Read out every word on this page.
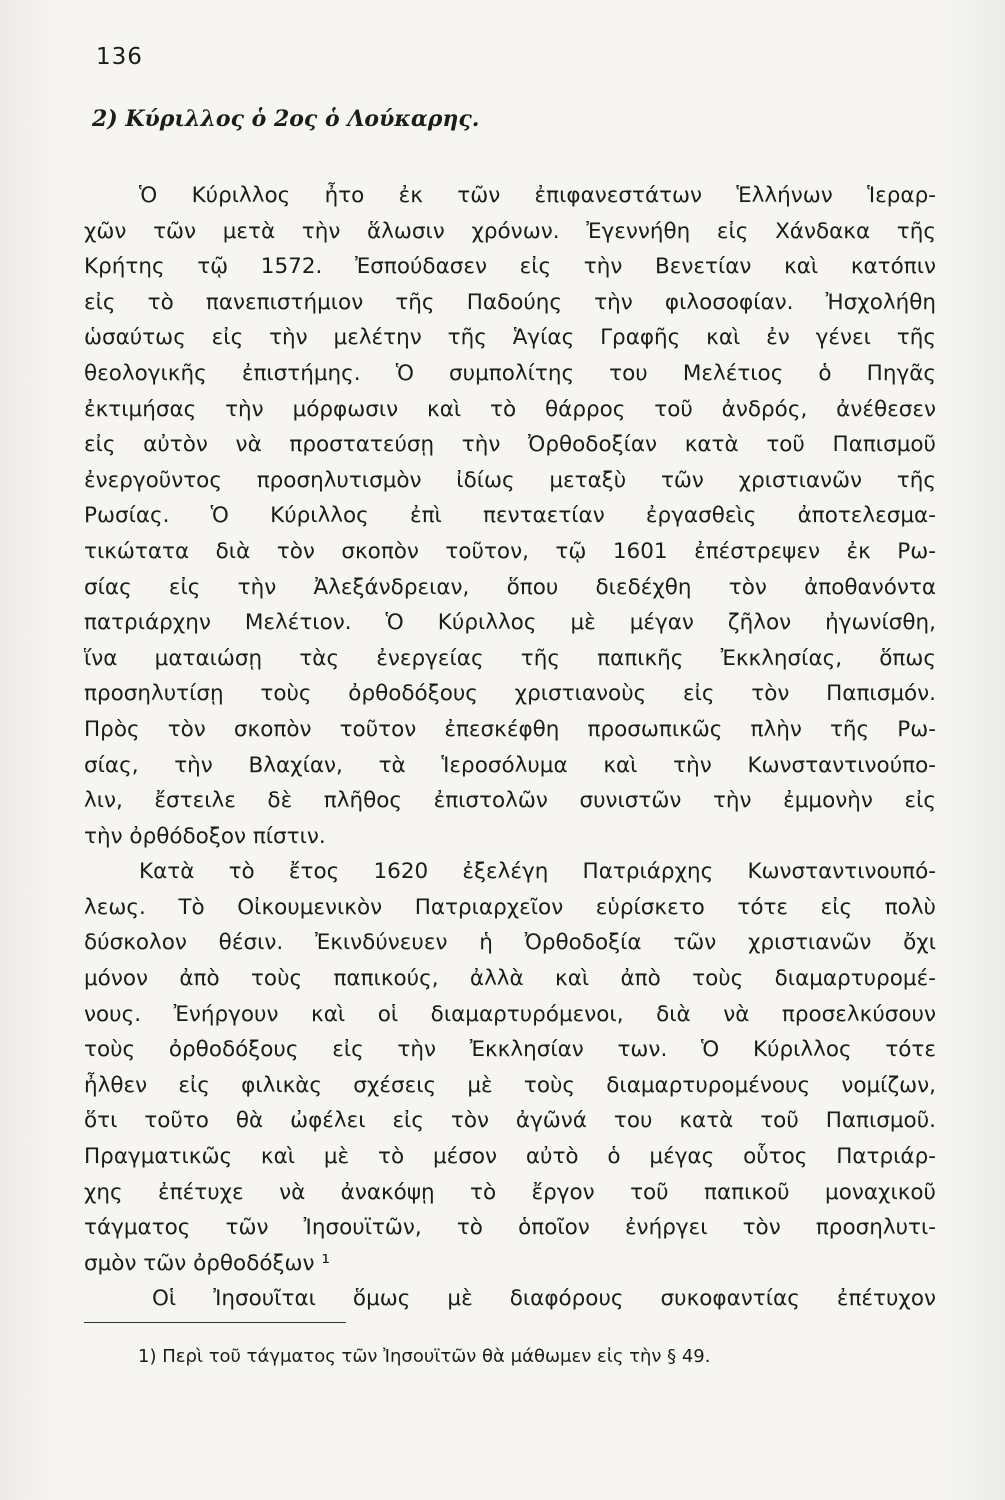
136
2) Κύριλλος ὁ 2ος ὁ Λούκαρης.
Ὁ Κύριλλος ἦτο ἐκ τῶν ἐπιφανεστάτων Ἑλλήνων Ἱεραρ-
χῶν τῶν μετὰ τὴν ἅλωσιν χρόνων. Ἐγεννήθη εἰς Χάνδακα τῆς
Κρήτης τῷ 1572. Ἐσπούδασεν εἰς τὴν Βενετίαν καὶ κατόπιν
εἰς τὸ πανεπιστήμιον τῆς Παδούης τὴν φιλοσοφίαν. Ἠσχολήθη
ὡσαύτως εἰς τὴν μελέτην τῆς Ἁγίας Γραφῆς καὶ ἐν γένει τῆς
θεολογικῆς ἐπιστήμης. Ὁ συμπολίτης του Μελέτιος ὁ Πηγᾶς
ἐκτιμήσας τὴν μόρφωσιν καὶ τὸ θάρρος τοῦ ἀνδρός, ἀνέθεσεν
εἰς αὐτὸν νὰ προστατεύσῃ τὴν Ὀρθοδοξίαν κατὰ τοῦ Παπισμοῦ
ἐνεργοῦντος προσηλυτισμὸν ἰδίως μεταξὺ τῶν χριστιανῶν τῆς
Ρωσίας. Ὁ Κύριλλος ἐπὶ πενταετίαν ἐργασθεὶς ἀποτελεσμα-
τικώτατα διὰ τὸν σκοπὸν τοῦτον, τῷ 1601 ἐπέστρεψεν ἐκ Ρω-
σίας εἰς τὴν Ἀλεξάνδρειαν, ὅπου διεδέχθη τὸν ἀποθανόντα
πατριάρχην Μελέτιον. Ὁ Κύριλλος μὲ μέγαν ζῆλον ἠγωνίσθη,
ἵνα ματαιώσῃ τὰς ἐνεργείας τῆς παπικῆς Ἐκκλησίας, ὅπως
προσηλυτίσῃ τοὺς ὀρθοδόξους χριστιανοὺς εἰς τὸν Παπισμόν.
Πρὸς τὸν σκοπὸν τοῦτον ἐπεσκέφθη προσωπικῶς πλὴν τῆς Ρω-
σίας, τὴν Βλαχίαν, τὰ Ἱεροσόλυμα καὶ τὴν Κωνσταντινούπο-
λιν, ἔστειλε δὲ πλῆθος ἐπιστολῶν συνιστῶν τὴν ἐμμονὴν εἰς
τὴν ὀρθόδοξον πίστιν.
Κατὰ τὸ ἔτος 1620 ἐξελέγη Πατριάρχης Κωνσταντινουπό-
λεως. Τὸ Οἰκουμενικὸν Πατριαρχεῖον εὑρίσκετο τότε εἰς πολὺ
δύσκολον θέσιν. Ἐκινδύνευεν ἡ Ὀρθοδοξία τῶν χριστιανῶν ὄχι
μόνον ἀπὸ τοὺς παπικούς, ἀλλὰ καὶ ἀπὸ τοὺς διαμαρτυρομέ-
νους. Ἐνήργουν καὶ οἱ διαμαρτυρόμενοι, διὰ νὰ προσελκύσουν
τοὺς ὀρθοδόξους εἰς τὴν Ἐκκλησίαν των. Ὁ Κύριλλος τότε
ἦλθεν εἰς φιλικὰς σχέσεις μὲ τοὺς διαμαρτυρομένους νομίζων,
ὅτι τοῦτο θὰ ὠφέλει εἰς τὸν ἀγῶνά του κατὰ τοῦ Παπισμοῦ.
Πραγματικῶς καὶ μὲ τὸ μέσον αὐτὸ ὁ μέγας οὗτος Πατριάρ-
χης ἐπέτυχε νὰ ἀνακόψῃ τὸ ἔργον τοῦ παπικοῦ μοναχικοῦ
τάγματος τῶν Ἰησουϊτῶν, τὸ ὁποῖον ἐνήργει τὸν προσηλυτι-
σμὸν τῶν ὀρθοδόξων ¹
Οἱ Ἰησουῖται ὅμως μὲ διαφόρους συκοφαντίας ἐπέτυχον
1) Περὶ τοῦ τάγματος τῶν Ἰησουϊτῶν θὰ μάθωμεν εἰς τὴν § 49.
